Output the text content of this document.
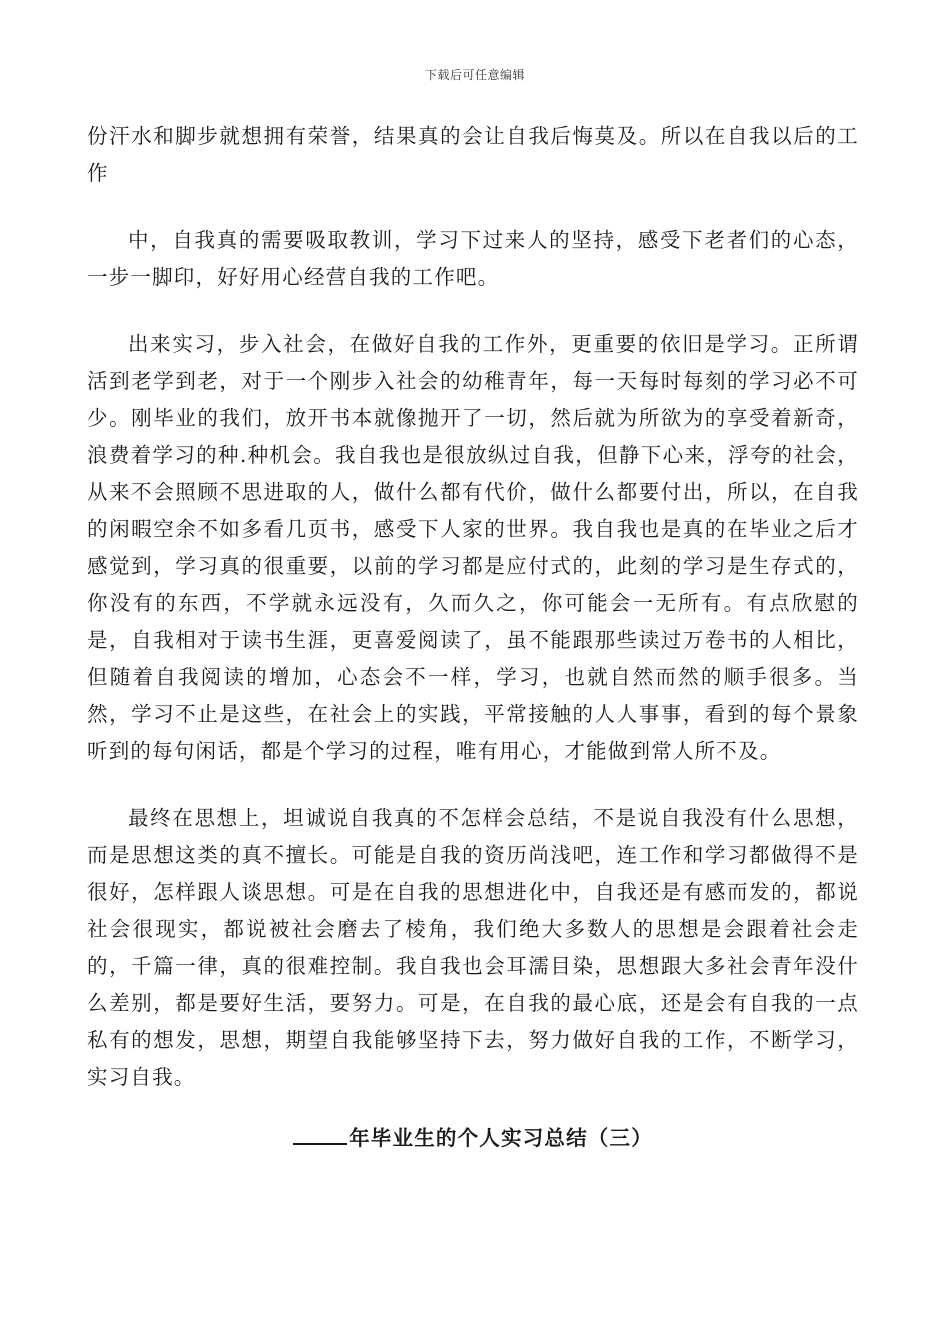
下载后可任意编辑

份汗水和脚步就想拥有荣誉，结果真的会让自我后悔莫及。所以在自我以后的工作

中，自我真的需要吸取教训，学习下过来人的坚持，感受下老者们的心态，一步一脚印，好好用心经营自我的工作吧。

出来实习，步入社会，在做好自我的工作外，更重要的依旧是学习。正所谓活到老学到老，对于一个刚步入社会的幼稚青年，每一天每时每刻的学习必不可少。刚毕业的我们，放开书本就像抛开了一切，然后就为所欲为的享受着新奇，浪费着学习的种.种机会。我自我也是很放纵过自我，但静下心来，浮夸的社会，从来不会照顾不思进取的人，做什么都有代价，做什么都要付出，所以，在自我的闲暇空余不如多看几页书，感受下人家的世界。我自我也是真的在毕业之后才感觉到，学习真的很重要，以前的学习都是应付式的，此刻的学习是生存式的，你没有的东西，不学就永远没有，久而久之，你可能会一无所有。有点欣慰的是，自我相对于读书生涯，更喜爱阅读了，虽不能跟那些读过万卷书的人相比，但随着自我阅读的增加，心态会不一样，学习，也就自然而然的顺手很多。当然，学习不止是这些，在社会上的实践，平常接触的人人事事，看到的每个景象听到的每句闲话，都是个学习的过程，唯有用心，才能做到常人所不及。

最终在思想上，坦诚说自我真的不怎样会总结，不是说自我没有什么思想，而是思想这类的真不擅长。可能是自我的资历尚浅吧，连工作和学习都做得不是很好，怎样跟人谈思想。可是在自我的思想进化中，自我还是有感而发的，都说社会很现实，都说被社会磨去了棱角，我们绝大多数人的思想是会跟着社会走的，千篇一律，真的很难控制。我自我也会耳濡目染，思想跟大多社会青年没什么差别，都是要好生活，要努力。可是，在自我的最心底，还是会有自我的一点私有的想发，思想，期望自我能够坚持下去，努力做好自我的工作，不断学习，实习自我。

年毕业生的个人实习总结（三）
